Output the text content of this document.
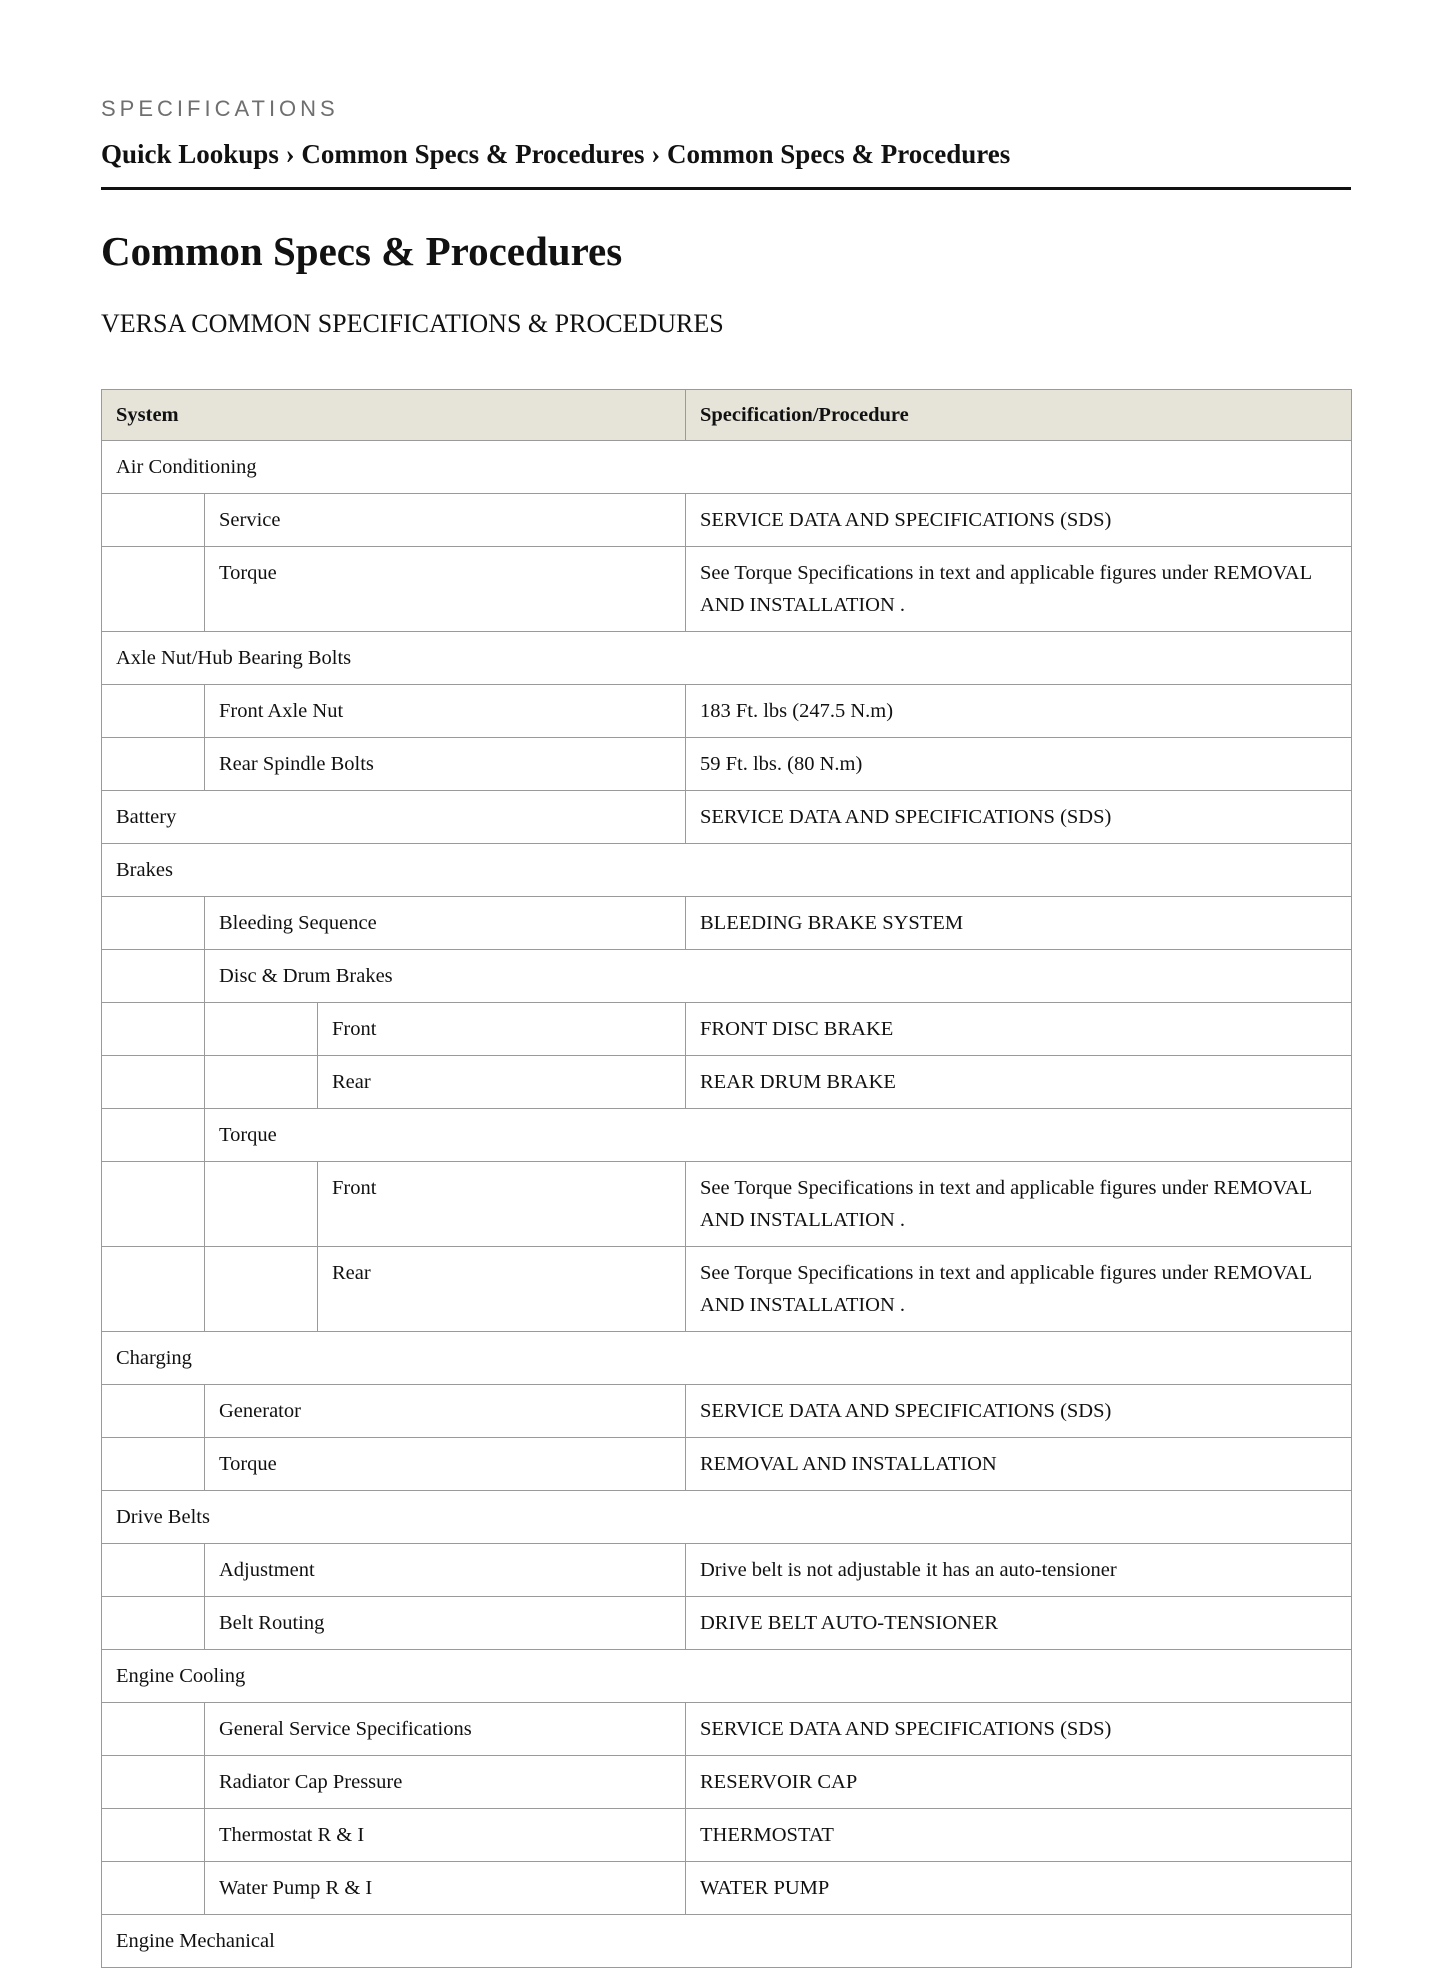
SPECIFICATIONS
Quick Lookups › Common Specs & Procedures › Common Specs & Procedures
Common Specs & Procedures
VERSA COMMON SPECIFICATIONS & PROCEDURES
System			Specification/Procedure
Air Conditioning			
	Service		SERVICE DATA AND SPECIFICATIONS (SDS)
	Torque		See Torque Specifications in text and applicable figures under REMOVAL AND INSTALLATION .
Axle Nut/Hub Bearing Bolts			
	Front Axle Nut		183 Ft. lbs (247.5 N.m)
	Rear Spindle Bolts		59 Ft. lbs. (80 N.m)
Battery			SERVICE DATA AND SPECIFICATIONS (SDS)
Brakes			
	Bleeding Sequence		BLEEDING BRAKE SYSTEM
	Disc & Drum Brakes		
		Front	FRONT DISC BRAKE
		Rear	REAR DRUM BRAKE
	Torque		
		Front	See Torque Specifications in text and applicable figures under REMOVAL AND INSTALLATION .
		Rear	See Torque Specifications in text and applicable figures under REMOVAL AND INSTALLATION .
Charging			
	Generator		SERVICE DATA AND SPECIFICATIONS (SDS)
	Torque		REMOVAL AND INSTALLATION
Drive Belts			
	Adjustment		Drive belt is not adjustable it has an auto-tensioner
	Belt Routing		DRIVE BELT AUTO-TENSIONER
Engine Cooling			
	General Service Specifications		SERVICE DATA AND SPECIFICATIONS (SDS)
	Radiator Cap Pressure		RESERVOIR CAP
	Thermostat R & I		THERMOSTAT
	Water Pump R & I		WATER PUMP
Engine Mechanical			
